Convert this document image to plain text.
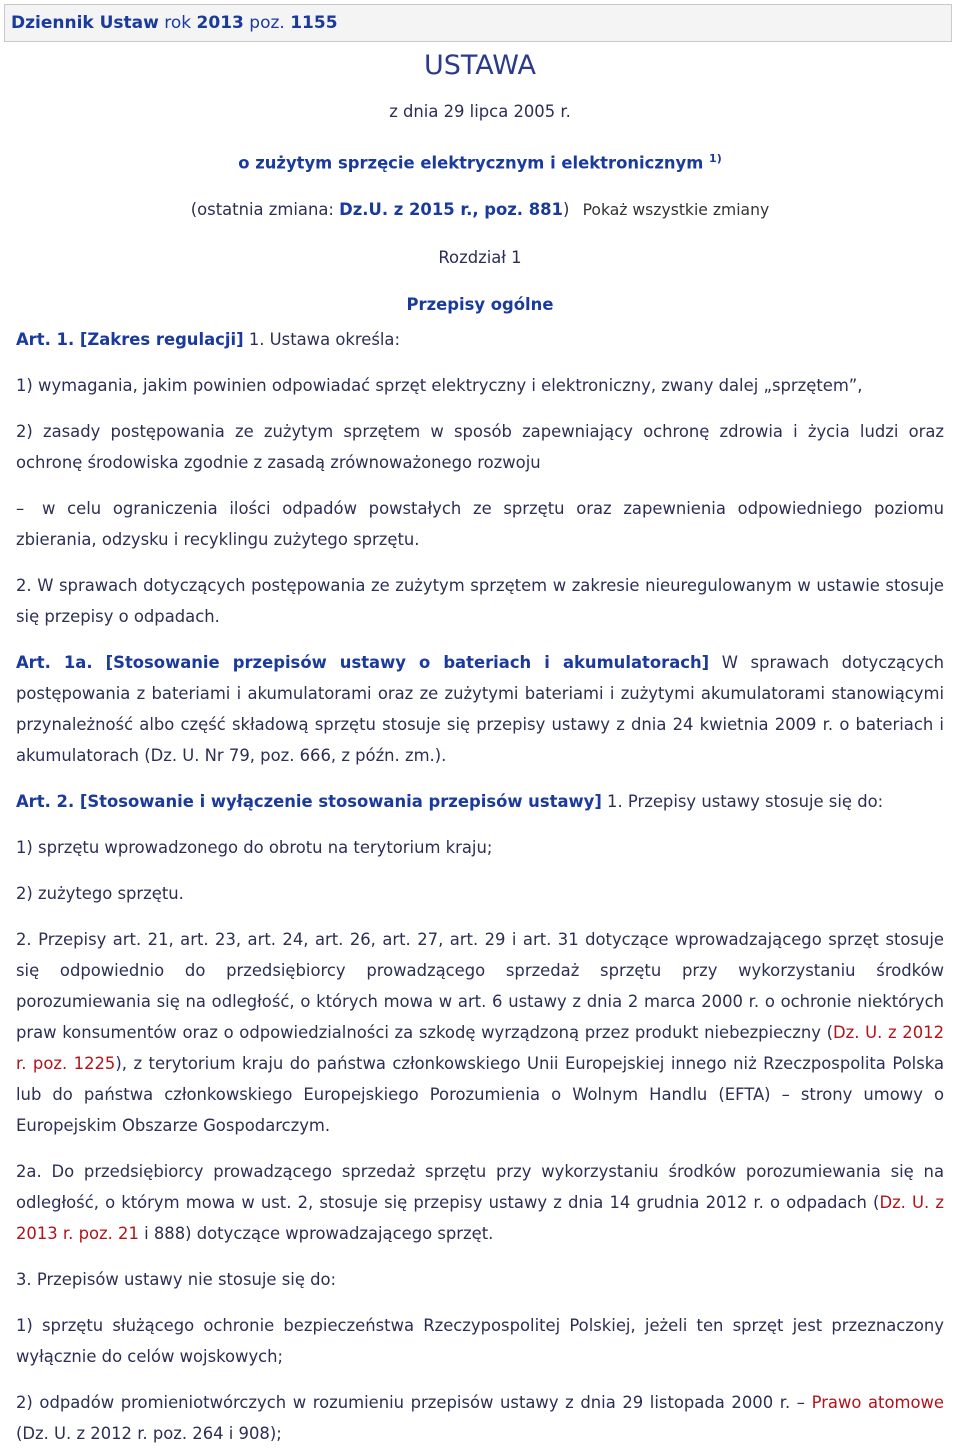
Dziennik Ustaw rok 2013 poz. 1155
USTAWA
z dnia 29 lipca 2005 r.
o zużytym sprzęcie elektrycznym i elektronicznym $^{1)}$
(ostatnia zmiana: Dz.U. z 2015 r., poz. 881) Pokaż wszystkie zmiany
Rozdział 1
Przepisy ogólne

Art. 1. [Zakres regulacji] 1. Ustawa określa:

1) wymagania, jakim powinien odpowiadać sprzęt elektryczny i elektroniczny, zwany dalej „sprzętem”,

2) zasady postępowania ze zużytym sprzętem w sposób zapewniający ochronę zdrowia i życia ludzi oraz ochronę środowiska zgodnie z zasadą zrównoważonego rozwoju

– w celu ograniczenia ilości odpadów powstałych ze sprzętu oraz zapewnienia odpowiedniego poziomu zbierania, odzysku i recyklingu zużytego sprzętu.

2. W sprawach dotyczących postępowania ze zużytym sprzętem w zakresie nieuregulowanym w ustawie stosuje się przepisy o odpadach.

Art. 1a. [Stosowanie przepisów ustawy o bateriach i akumulatorach] W sprawach dotyczących postępowania z bateriami i akumulatorami oraz ze zużytymi bateriami i zużytymi akumulatorami stanowiącymi przynależność albo część składową sprzętu stosuje się przepisy ustawy z dnia 24 kwietnia 2009 r. o bateriach i akumulatorach (Dz. U. Nr 79, poz. 666, z późn. zm.).

Art. 2. [Stosowanie i wyłączenie stosowania przepisów ustawy] 1. Przepisy ustawy stosuje się do:

1) sprzętu wprowadzonego do obrotu na terytorium kraju;

2) zużytego sprzętu.

2. Przepisy art. 21, art. 23, art. 24, art. 26, art. 27, art. 29 i art. 31 dotyczące wprowadzającego sprzęt stosuje się odpowiednio do przedsiębiorcy prowadzącego sprzedaż sprzętu przy wykorzystaniu środków porozumiewania się na odległość, o których mowa w art. 6 ustawy z dnia 2 marca 2000 r. o ochronie niektórych praw konsumentów oraz o odpowiedzialności za szkodę wyrządzoną przez produkt niebezpieczny (Dz. U. z 2012 r. poz. 1225), z terytorium kraju do państwa członkowskiego Unii Europejskiej innego niż Rzeczpospolita Polska lub do państwa członkowskiego Europejskiego Porozumienia o Wolnym Handlu (EFTA) – strony umowy o Europejskim Obszarze Gospodarczym.

2a. Do przedsiębiorcy prowadzącego sprzedaż sprzętu przy wykorzystaniu środków porozumiewania się na odległość, o którym mowa w ust. 2, stosuje się przepisy ustawy z dnia 14 grudnia 2012 r. o odpadach (Dz. U. z 2013 r. poz. 21 i 888) dotyczące wprowadzającego sprzęt.

3. Przepisów ustawy nie stosuje się do:

1) sprzętu służącego ochronie bezpieczeństwa Rzeczypospolitej Polskiej, jeżeli ten sprzęt jest przeznaczony wyłącznie do celów wojskowych;

2) odpadów promieniotwórczych w rozumieniu przepisów ustawy z dnia 29 listopada 2000 r. – Prawo atomowe (Dz. U. z 2012 r. poz. 264 i 908);
